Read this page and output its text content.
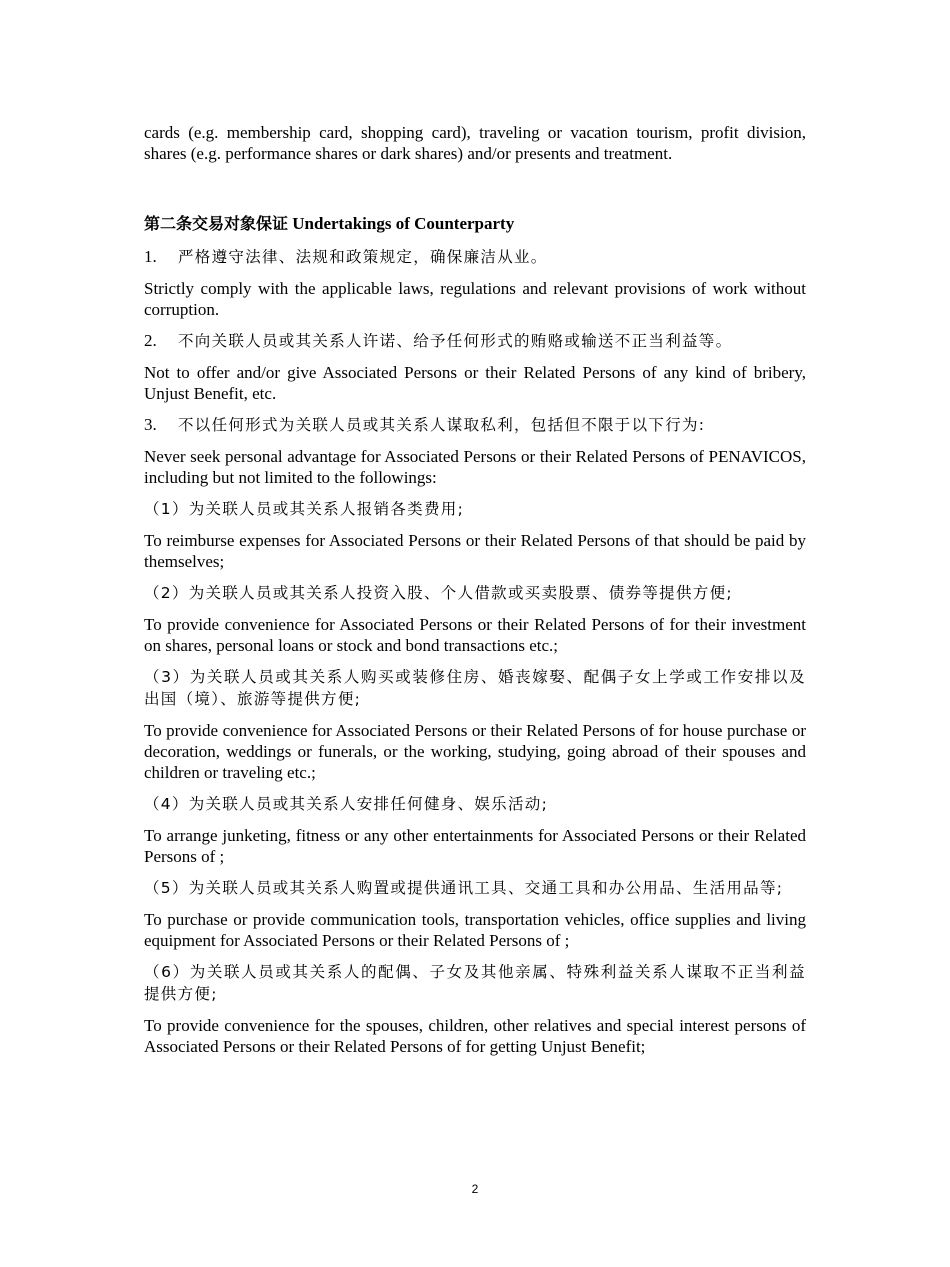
cards (e.g. membership card, shopping card), traveling or vacation tourism, profit division, shares (e.g. performance shares or dark shares) and/or presents and treatment.

第二条交易对象保证 Undertakings of Counterparty

1. 严格遵守法律、法规和政策规定，确保廉洁从业。

Strictly comply with the applicable laws, regulations and relevant provisions of work without corruption.

2. 不向关联人员或其关系人许诺、给予任何形式的贿赂或输送不正当利益等。

Not to offer and/or give Associated Persons or their Related Persons of any kind of bribery, Unjust Benefit, etc.

3. 不以任何形式为关联人员或其关系人谋取私利，包括但不限于以下行为:

Never seek personal advantage for Associated Persons or their Related Persons of PENAVICOS, including but not limited to the followings:

（1）为关联人员或其关系人报销各类费用;

To reimburse expenses for Associated Persons or their Related Persons of that should be paid by themselves;

（2）为关联人员或其关系人投资入股、个人借款或买卖股票、债券等提供方便;

To provide convenience for Associated Persons or their Related Persons of for their investment on shares, personal loans or stock and bond transactions etc.;

（3）为关联人员或其关系人购买或装修住房、婚丧嫁娶、配偶子女上学或工作安排以及出国（境）、旅游等提供方便;

To provide convenience for Associated Persons or their Related Persons of for house purchase or decoration, weddings or funerals, or the working, studying, going abroad of their spouses and children or traveling etc.;

（4）为关联人员或其关系人安排任何健身、娱乐活动;

To arrange junketing, fitness or any other entertainments for Associated Persons or their Related Persons of ;

（5）为关联人员或其关系人购置或提供通讯工具、交通工具和办公用品、生活用品等;

To purchase or provide communication tools, transportation vehicles, office supplies and living equipment for Associated Persons or their Related Persons of ;

（6）为关联人员或其关系人的配偶、子女及其他亲属、特殊利益关系人谋取不正当利益提供方便;

To provide convenience for the spouses, children, other relatives and special interest persons of Associated Persons or their Related Persons of for getting Unjust Benefit;

2
